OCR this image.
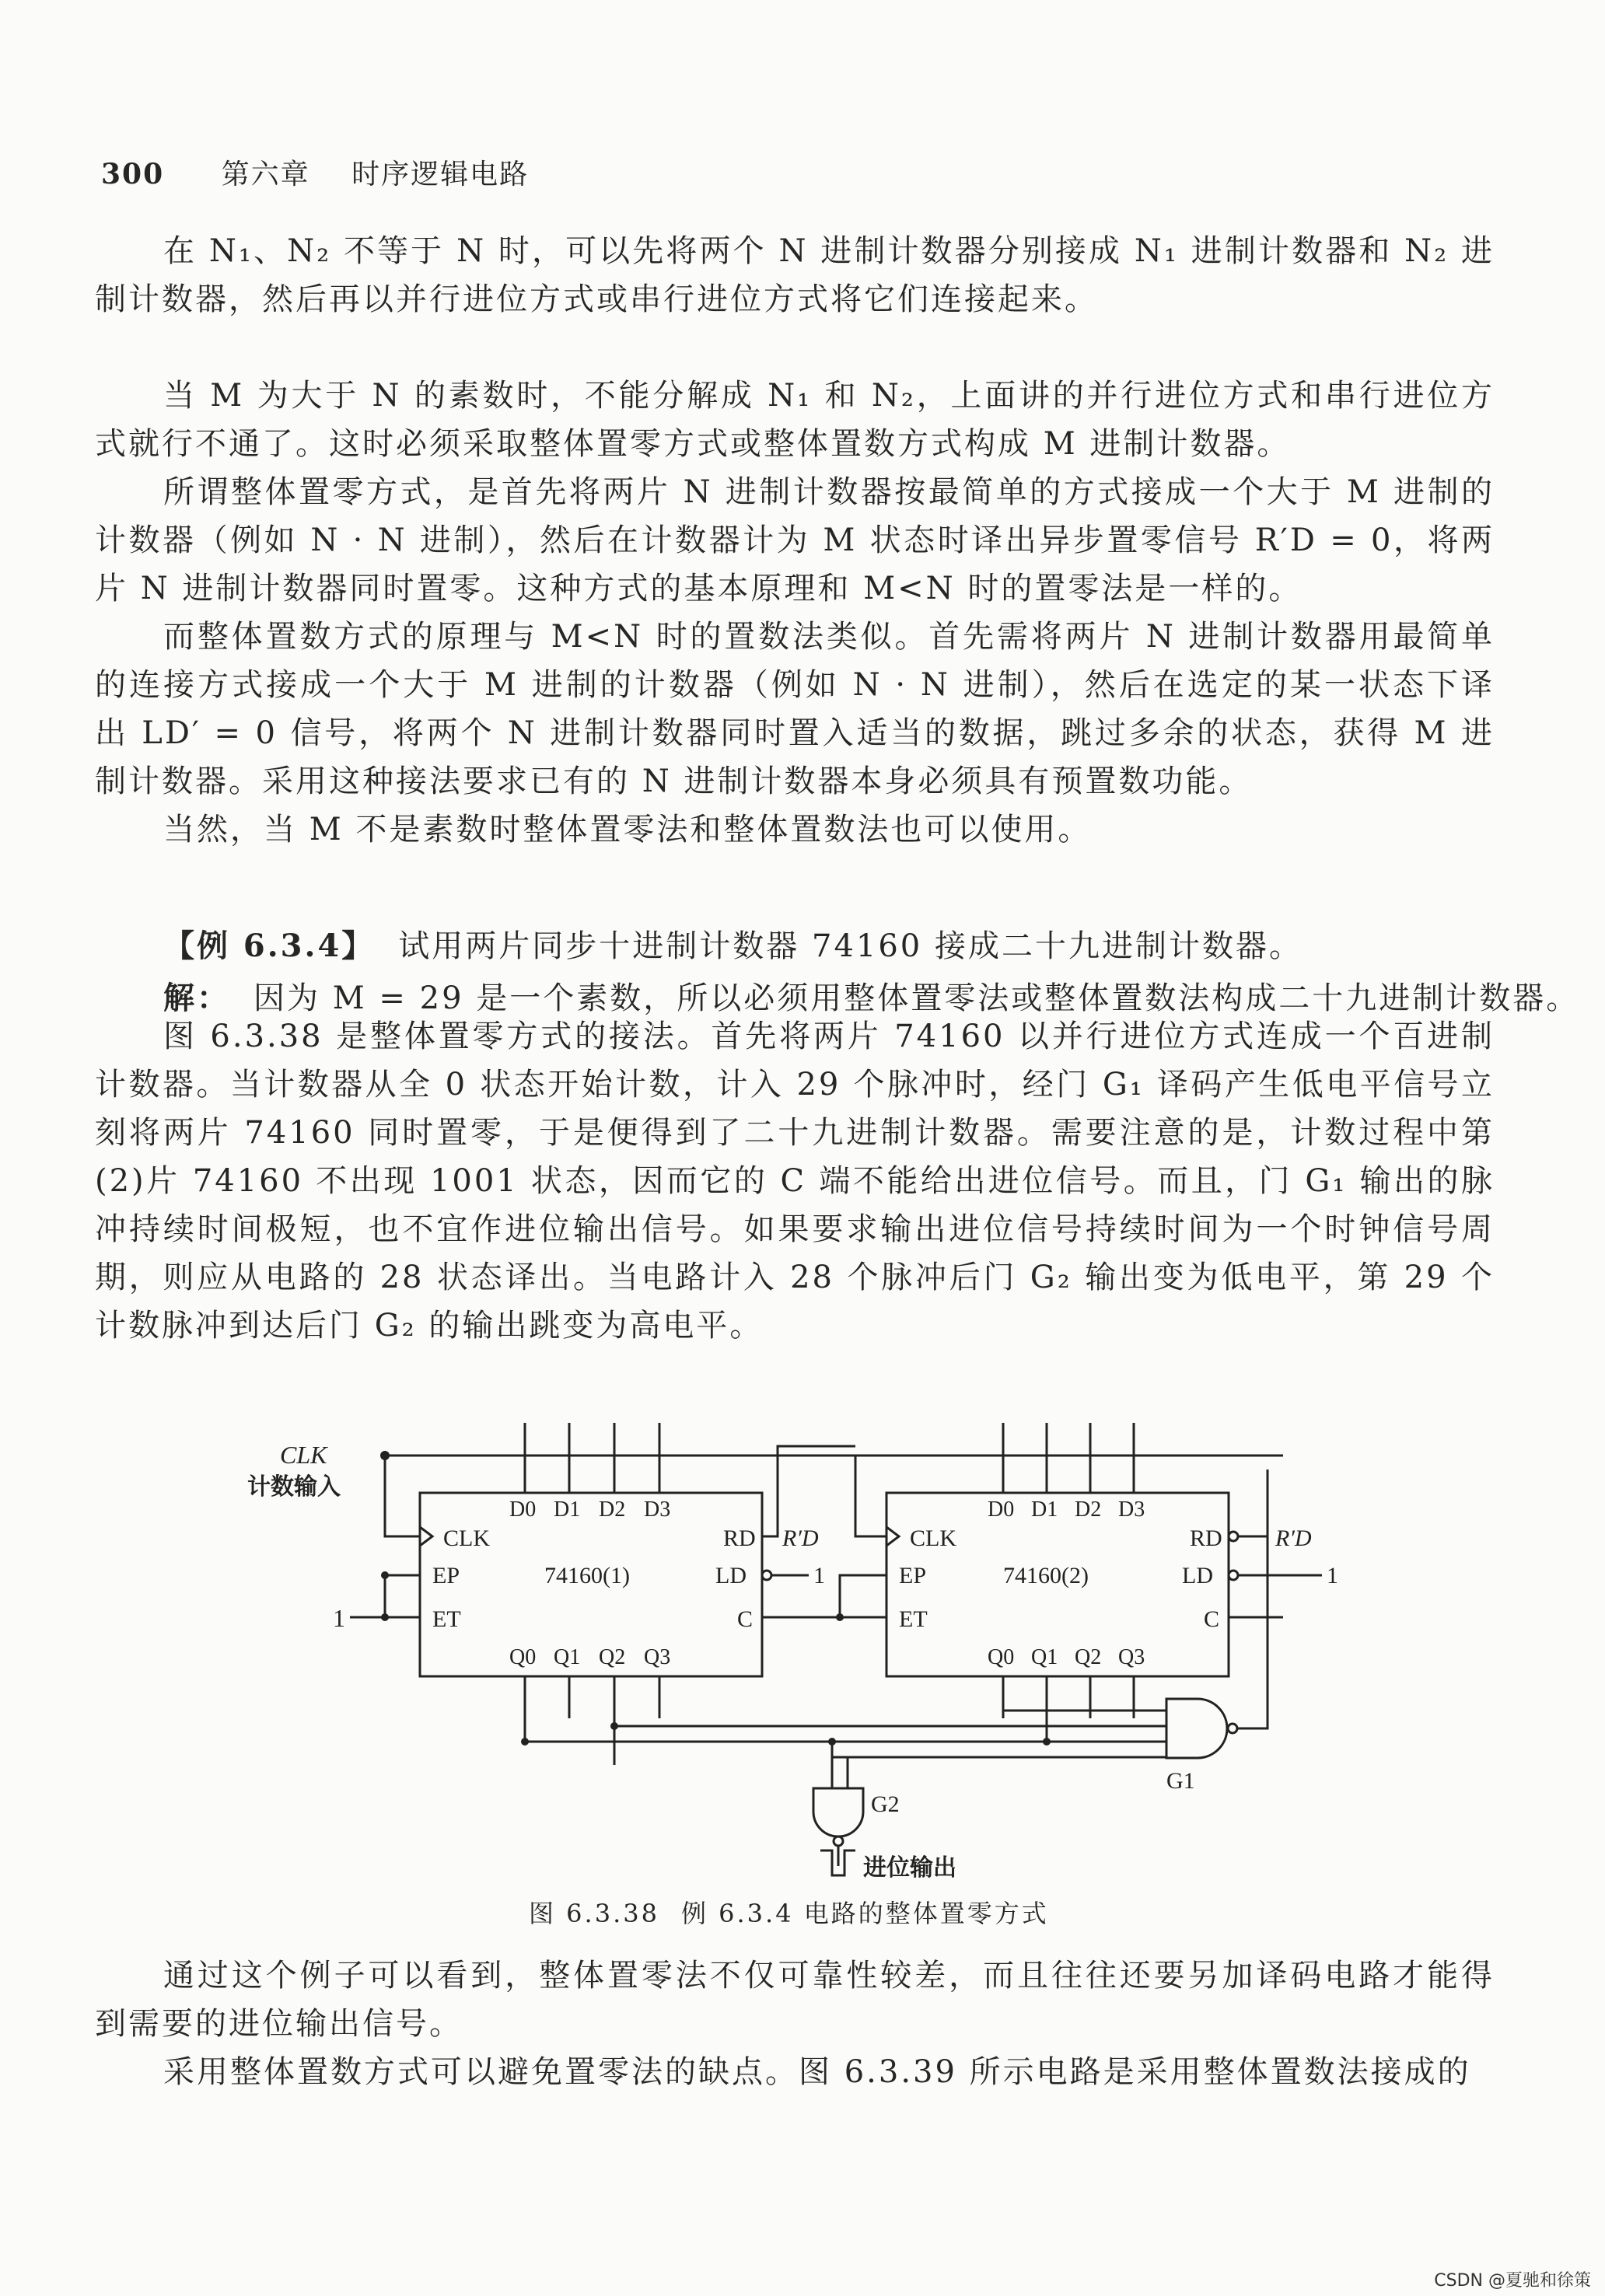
300 第六章 时序逻辑电路

在 N₁、N₂ 不等于 N 时，可以先将两个 N 进制计数器分别接成 N₁ 进制计数器和 N₂ 进制计数器，然后再以并行进位方式或串行进位方式将它们连接起来。

当 M 为大于 N 的素数时，不能分解成 N₁ 和 N₂，上面讲的并行进位方式和串行进位方式就行不通了。这时必须采取整体置零方式或整体置数方式构成 M 进制计数器。

所谓整体置零方式，是首先将两片 N 进制计数器按最简单的方式接成一个大于 M 进制的计数器（例如 N · N 进制），然后在计数器计为 M 状态时译出异步置零信号 R′D = 0，将两片 N 进制计数器同时置零。这种方式的基本原理和 M<N 时的置零法是一样的。

而整体置数方式的原理与 M<N 时的置数法类似。首先需将两片 N 进制计数器用最简单的连接方式接成一个大于 M 进制的计数器（例如 N · N 进制），然后在选定的某一状态下译出 LD′ = 0 信号，将两个 N 进制计数器同时置入适当的数据，跳过多余的状态，获得 M 进制计数器。采用这种接法要求已有的 N 进制计数器本身必须具有预置数功能。

当然，当 M 不是素数时整体置零法和整体置数法也可以使用。

【例 6.3.4】 试用两片同步十进制计数器 74160 接成二十九进制计数器。
解： 因为 M = 29 是一个素数，所以必须用整体置零法或整体置数法构成二十九进制计数器。

图 6.3.38 是整体置零方式的接法。首先将两片 74160 以并行进位方式连成一个百进制计数器。当计数器从全 0 状态开始计数，计入 29 个脉冲时，经门 G₁ 译码产生低电平信号立刻将两片 74160 同时置零，于是便得到了二十九进制计数器。需要注意的是，计数过程中第(2)片 74160 不出现 1001 状态，因而它的 C 端不能给出进位信号。而且，门 G₁ 输出的脉冲持续时间极短，也不宜作进位输出信号。如果要求输出进位信号持续时间为一个时钟信号周期，则应从电路的 28 状态译出。当电路计入 28 个脉冲后门 G₂ 输出变为低电平，第 29 个计数脉冲到达后门 G₂ 的输出跳变为高电平。

CLK
计数输入
1
CLK
EP
ET
74160(1)
RD
LD
C
D0 D1 D2 D3
Q0 Q1 Q2 Q3
R′D
1
CLK
EP
ET
74160(2)
RD
LD
C
D0 D1 D2 D3
Q0 Q1 Q2 Q3
R′D
1
G1
G2
进位输出
图 6.3.38 例 6.3.4 电路的整体置零方式

通过这个例子可以看到，整体置零法不仅可靠性较差，而且往往还要另加译码电路才能得到需要的进位输出信号。

采用整体置数方式可以避免置零法的缺点。图 6.3.39 所示电路是采用整体置数法接成的

CSDN @夏驰和徐策
